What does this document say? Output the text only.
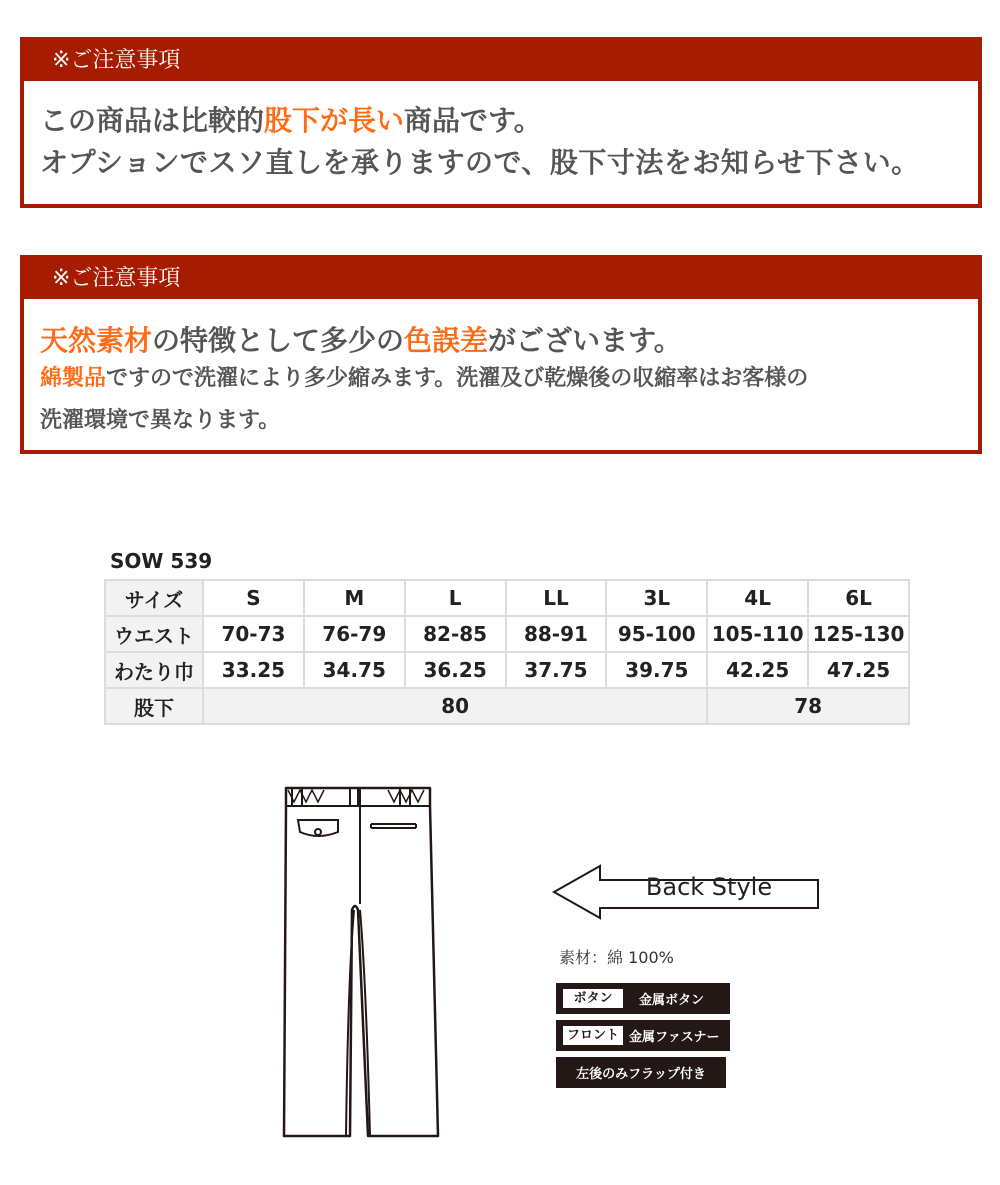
※ご注意事項
この商品は比較的股下が長い商品です。
オプションでスソ直しを承りますので、股下寸法をお知らせ下さい。
※ご注意事項
天然素材の特徴として多少の色誤差がございます。
綿製品ですので洗濯により多少縮みます。洗濯及び乾燥後の収縮率はお客様の
洗濯環境で異なります。
SOW 539
サイズ	S	M	L	LL	3L	4L	6L
ウエスト	70-73	76-79	82-85	88-91	95-100	105-110	125-130
わたり巾	33.25	34.75	36.25	37.75	39.75	42.25	47.25
股下	80					78	
Back Style
素材：綿 100%
ボタン	金属ボタン
フロント 金属ファスナー
左後のみフラップ付き
